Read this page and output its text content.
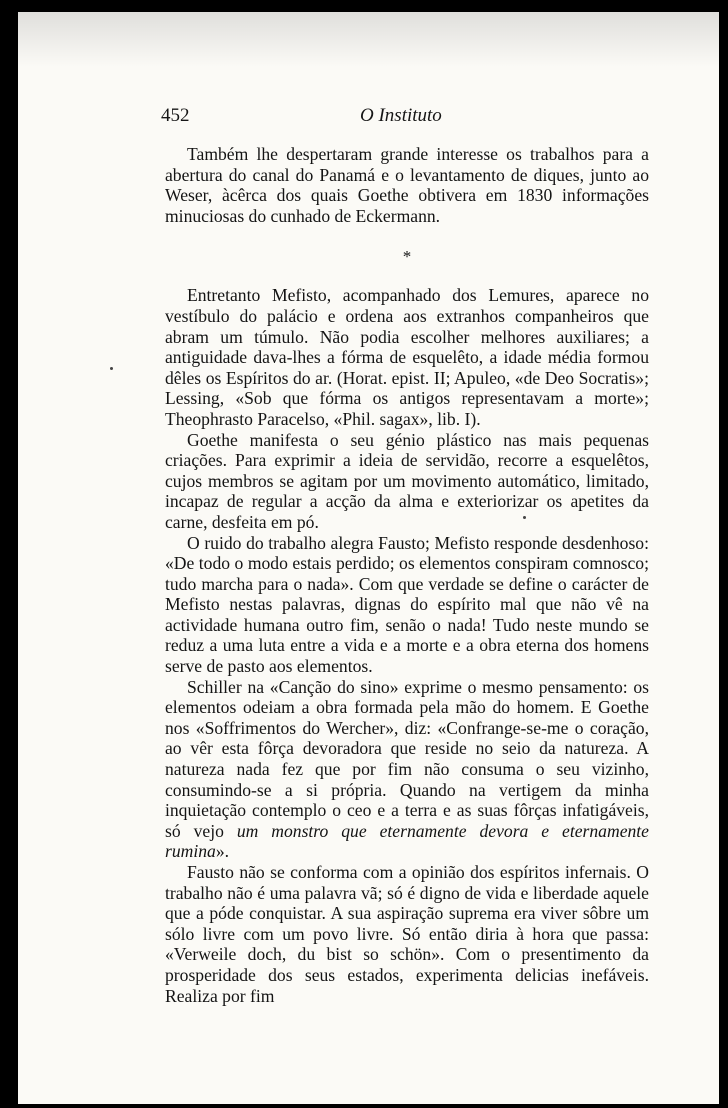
452	O Instituto

Também lhe despertaram grande interesse os trabalhos para a abertura do canal do Panamá e o levantamento de diques, junto ao Weser, àcêrca dos quais Goethe obtivera em 1830 informações minuciosas do cunhado de Eckermann.

*

Entretanto Mefisto, acompanhado dos Lemures, aparece no vestíbulo do palácio e ordena aos extranhos companheiros que abram um túmulo. Não podia escolher melhores auxiliares; a antiguidade dava-lhes a fórma de esquelêto, a idade média formou dêles os Espíritos do ar. (Horat. epist. II; Apuleo, «de Deo Socratis»; Lessing, «Sob que fórma os antigos representavam a morte»; Theophrasto Paracelso, «Phil. sagax», lib. I).

Goethe manifesta o seu génio plástico nas mais pequenas criações. Para exprimir a ideia de servidão, recorre a esquelêtos, cujos membros se agitam por um movimento automático, limitado, incapaz de regular a acção da alma e exteriorizar os apetites da carne, desfeita em pó.

O ruido do trabalho alegra Fausto; Mefisto responde desdenhoso: «De todo o modo estais perdido; os elementos conspiram comnosco; tudo marcha para o nada». Com que verdade se define o carácter de Mefisto nestas palavras, dignas do espírito mal que não vê na actividade humana outro fim, senão o nada! Tudo neste mundo se reduz a uma luta entre a vida e a morte e a obra eterna dos homens serve de pasto aos elementos.

Schiller na «Canção do sino» exprime o mesmo pensamento: os elementos odeiam a obra formada pela mão do homem. E Goethe nos «Soffrimentos do Wercher», diz: «Confrange-se-me o coração, ao vêr esta fôrça devoradora que reside no seio da natureza. A natureza nada fez que por fim não consuma o seu vizinho, consumindo-se a si própria. Quando na vertigem da minha inquietação contemplo o ceo e a terra e as suas fôrças infatigáveis, só vejo um monstro que eternamente devora e eternamente rumina».

Fausto não se conforma com a opinião dos espíritos infernais. O trabalho não é uma palavra vã; só é digno de vida e liberdade aquele que a póde conquistar. A sua aspiração suprema era viver sôbre um sólo livre com um povo livre. Só então diria à hora que passa: «Verweile doch, du bist so schön». Com o presentimento da prosperidade dos seus estados, experimenta delicias inefáveis. Realiza por fim
